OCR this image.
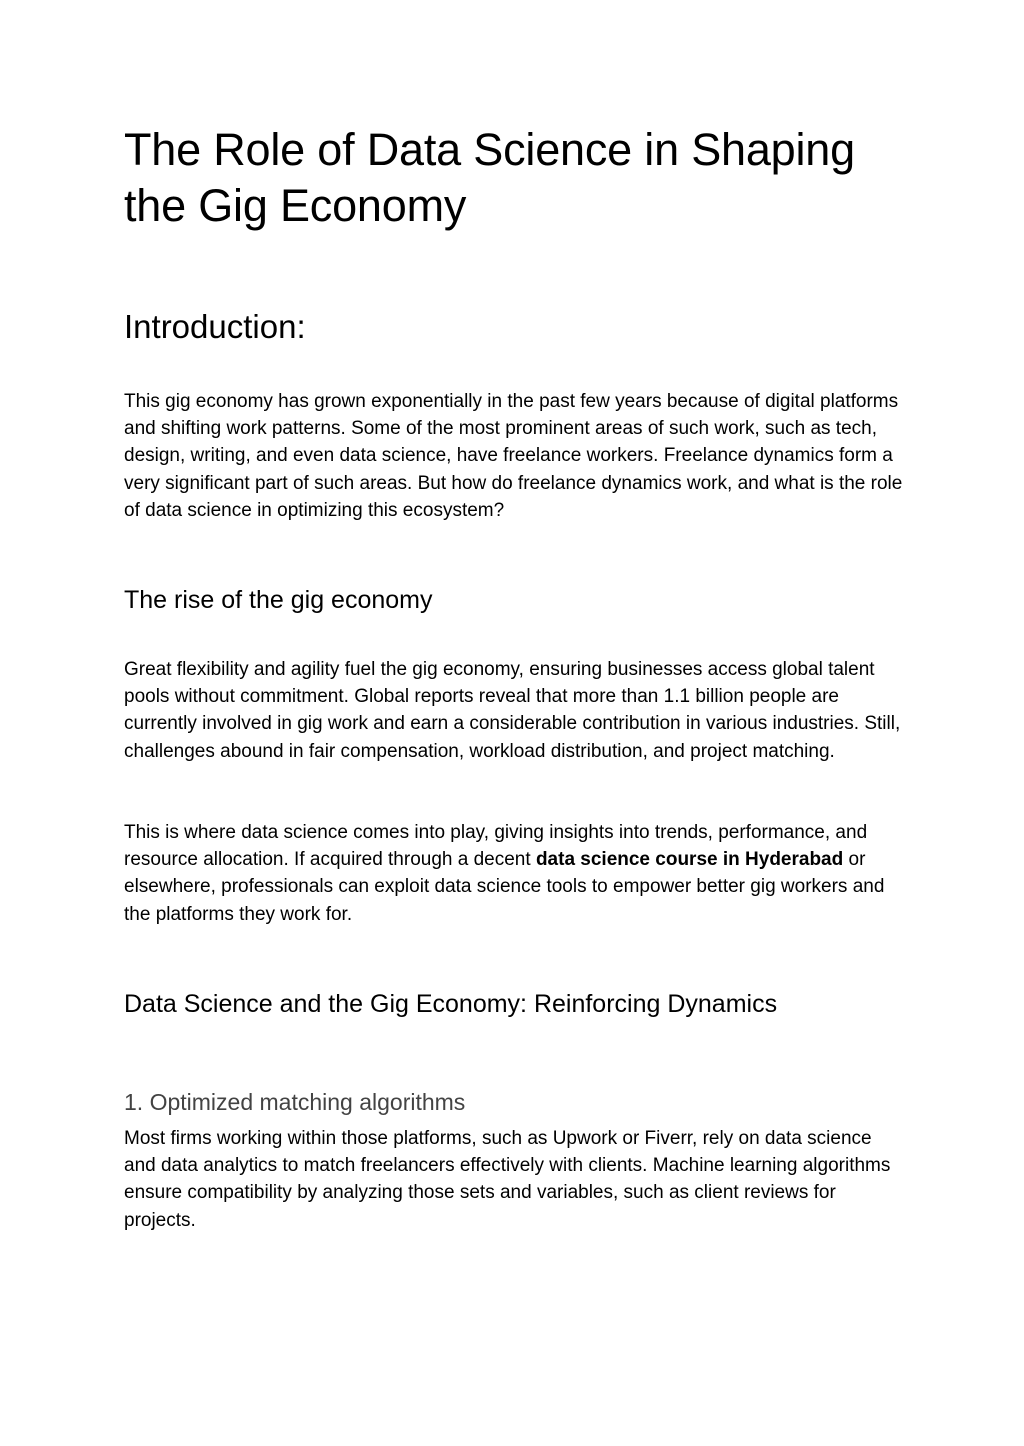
The Role of Data Science in Shaping the Gig Economy
Introduction:

This gig economy has grown exponentially in the past few years because of digital platforms and shifting work patterns. Some of the most prominent areas of such work, such as tech, design, writing, and even data science, have freelance workers. Freelance dynamics form a very significant part of such areas. But how do freelance dynamics work, and what is the role of data science in optimizing this ecosystem?

The rise of the gig economy

Great flexibility and agility fuel the gig economy, ensuring businesses access global talent pools without commitment. Global reports reveal that more than 1.1 billion people are currently involved in gig work and earn a considerable contribution in various industries. Still, challenges abound in fair compensation, workload distribution, and project matching.

This is where data science comes into play, giving insights into trends, performance, and resource allocation. If acquired through a decent data science course in Hyderabad or elsewhere, professionals can exploit data science tools to empower better gig workers and the platforms they work for.

Data Science and the Gig Economy: Reinforcing Dynamics
1. Optimized matching algorithms

Most firms working within those platforms, such as Upwork or Fiverr, rely on data science and data analytics to match freelancers effectively with clients. Machine learning algorithms ensure compatibility by analyzing those sets and variables, such as client reviews for projects.
